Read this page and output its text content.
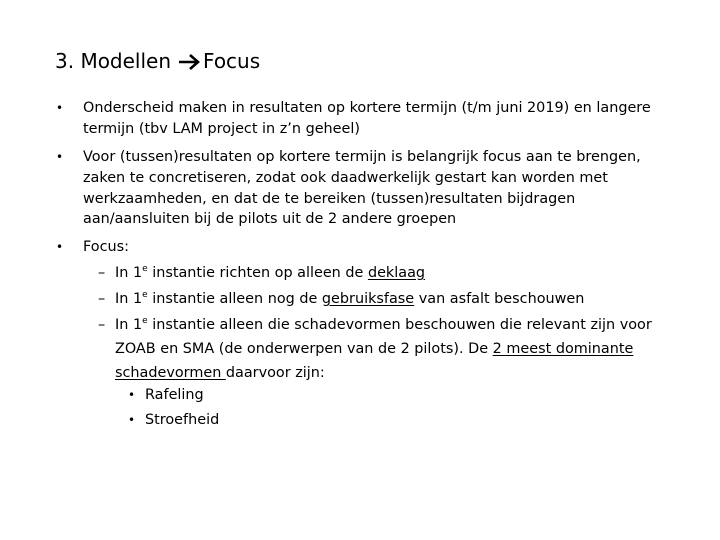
3. Modellen Focus
• Onderscheid maken in resultaten op kortere termijn (t/m juni 2019) en langere
termijn (tbv LAM project in z’n geheel)
• Voor (tussen)resultaten op kortere termijn is belangrijk focus aan te brengen,
zaken te concretiseren, zodat ook daadwerkelijk gestart kan worden met
werkzaamheden, en dat de te bereiken (tussen)resultaten bijdragen
aan/aansluiten bij de pilots uit de 2 andere groepen
• Focus:
– In 1e instantie richten op alleen de deklaag
– In 1e instantie alleen nog de gebruiksfase van asfalt beschouwen
– In 1e instantie alleen die schadevormen beschouwen die relevant zijn voor
ZOAB en SMA (de onderwerpen van de 2 pilots). De 2 meest dominante
schadevormen daarvoor zijn:
• Rafeling
• Stroefheid
